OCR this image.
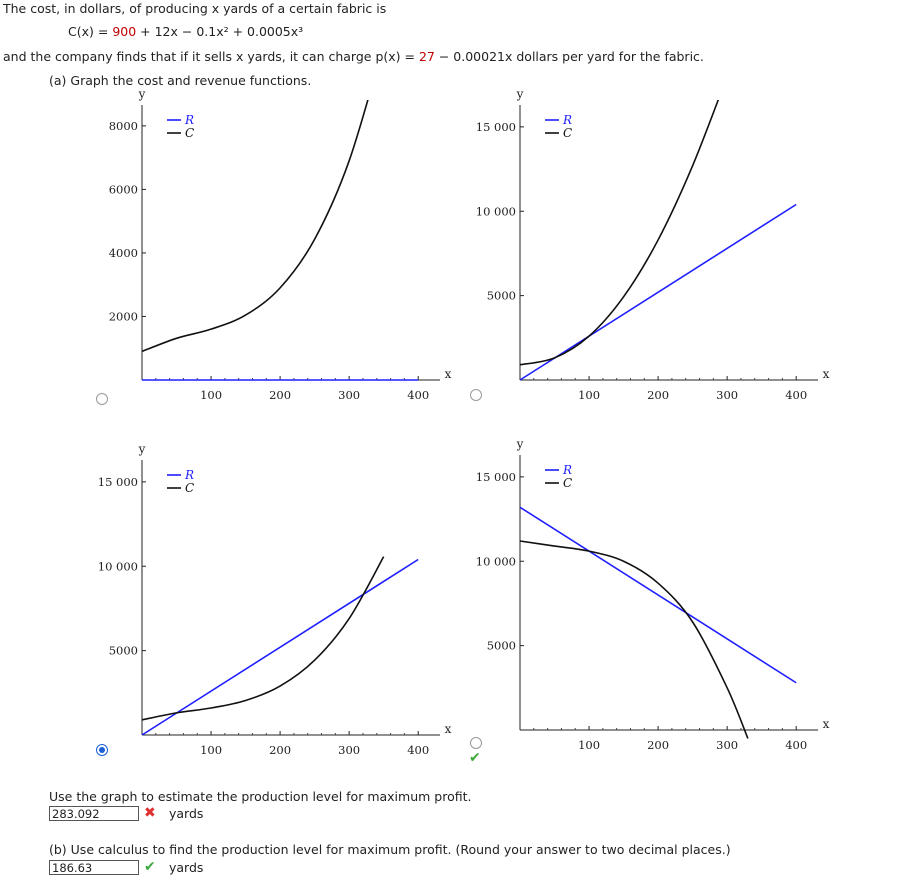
The cost, in dollars, of producing x yards of a certain fabric is
C(x) = 900 + 12x − 0.1x² + 0.0005x³
and the company finds that if it sells x yards, it can charge p(x) = 27 − 0.00021x dollars per yard for the fabric.
(a) Graph the cost and revenue functions.
✔
100	200	300	400
2000
4000
6000
8000
y
x
R
C
100	200	300	400
5000
10 000
15 000
y
x
R
C
100	200	300	400
5000
10 000
15 000
y
x
R
C
100	200	300	400
5000
10 000
15 000
y
x
R
C
Use the graph to estimate the production level for maximum profit.
283.092	✖ yards
(b) Use calculus to find the production level for maximum profit. (Round your answer to two decimal places.)
186.63	✔ yards
